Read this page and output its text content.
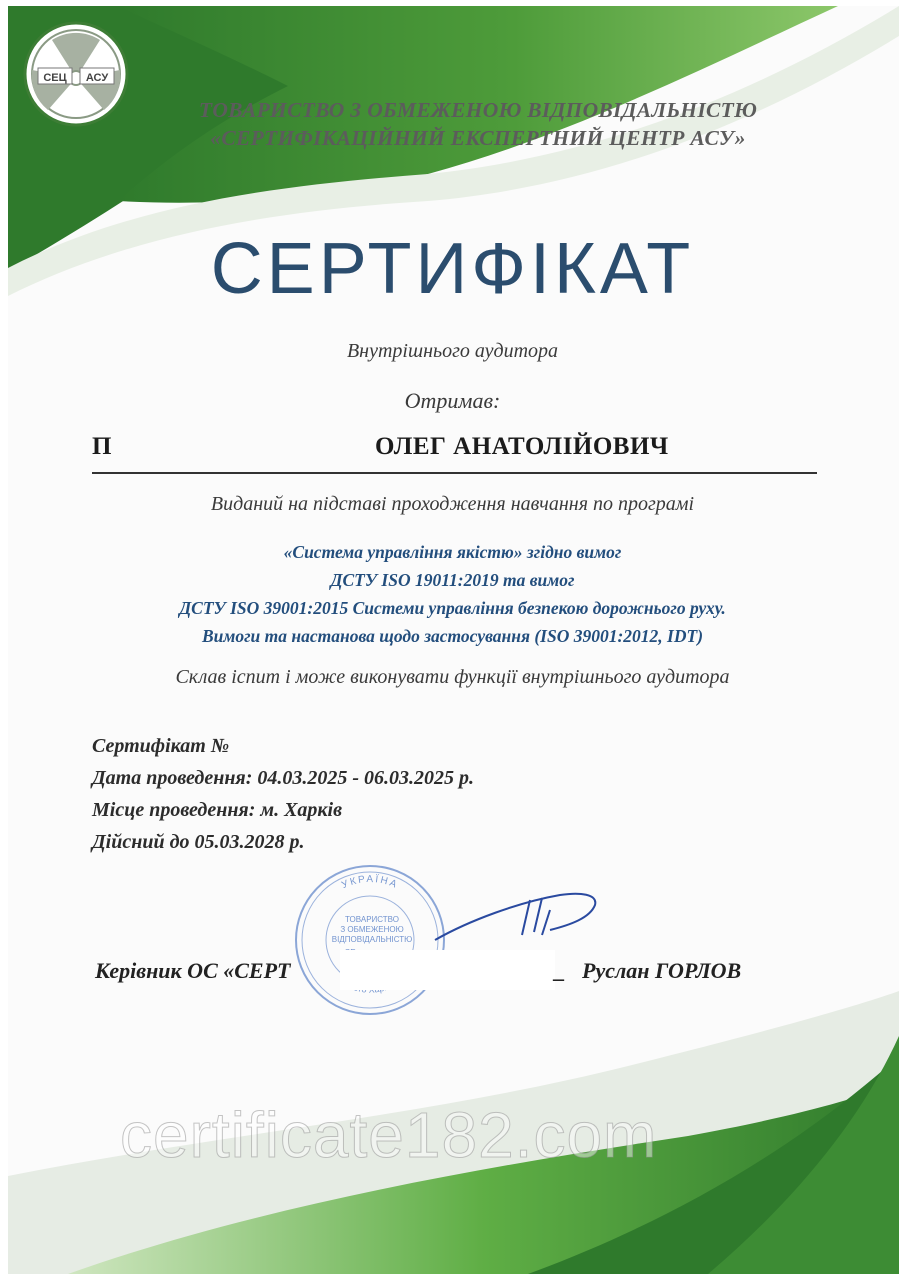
СЕЦ АСУ
ТОВАРИСТВО З ОБМЕЖЕНОЮ ВІДПОВІДАЛЬНІСТЮ
«СЕРТИФІКАЦІЙНИЙ ЕКСПЕРТНИЙ ЦЕНТР АСУ»
СЕРТИФІКАТ
Внутрішнього аудитора
Отримав:
П	ОЛЕГ АНАТОЛІЙОВИЧ
Виданий на підставі проходження навчання по програмі
«Система управління якістю» згідно вимог
ДСТУ ISO 19011:2019 та вимог
ДСТУ ISO 39001:2015 Системи управління безпекою дорожнього руху.
Вимоги та настанова щодо застосування (ISO 39001:2012, IDT)
Склав іспит і може виконувати функції внутрішнього аудитора
Сертифікат №
Дата проведення: 04.03.2025 - 06.03.2025 р.
Місце проведення: м. Харків
Дійсний до 05.03.2028 р.
УКРАЇНА
ТОВАРИСТВО
З ОБМЕЖЕНОЮ
ВІДПОВІДАЛЬНІСТЮ
Керівник ОС «СЕРТ	_ Руслан ГОРЛОВ
certificate182.com
